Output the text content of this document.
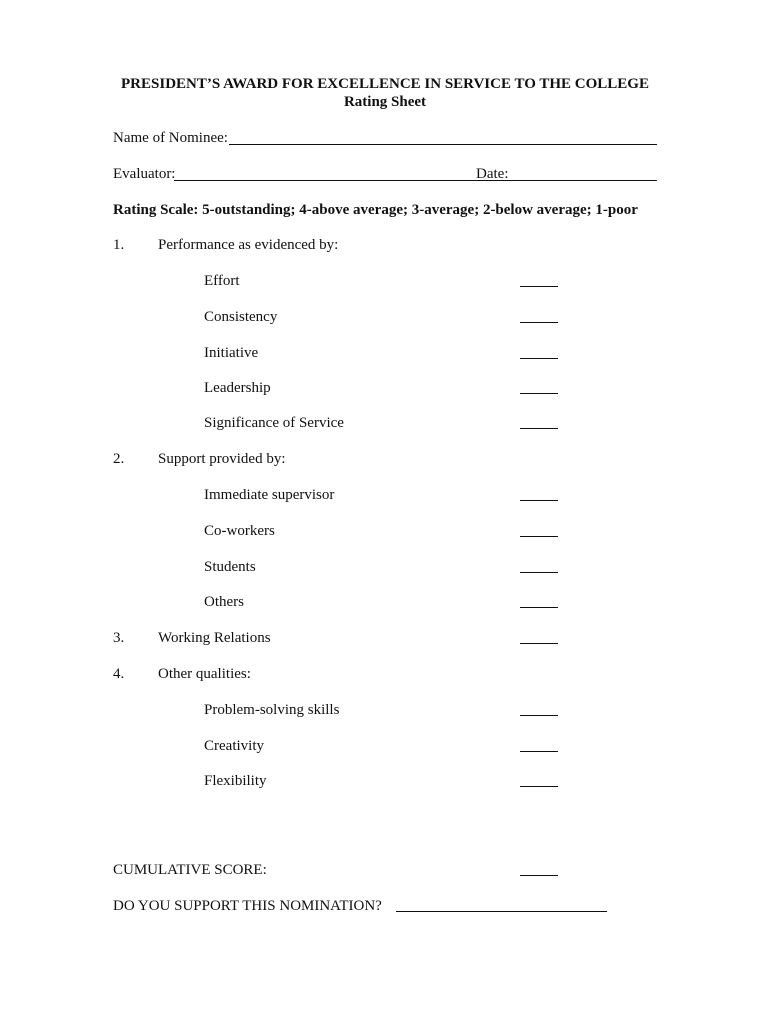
PRESIDENT’S AWARD FOR EXCELLENCE IN SERVICE TO THE COLLEGE
Rating Sheet
Name of Nominee:
Evaluator:	Date:
Rating Scale: 5-outstanding; 4-above average; 3-average; 2-below average; 1-poor
1. Performance as evidenced by:
Effort
Consistency
Initiative
Leadership
Significance of Service
2. Support provided by:
Immediate supervisor
Co-workers
Students
Others
3. Working Relations
4. Other qualities:
Problem-solving skills
Creativity
Flexibility
CUMULATIVE SCORE:
DO YOU SUPPORT THIS NOMINATION?
